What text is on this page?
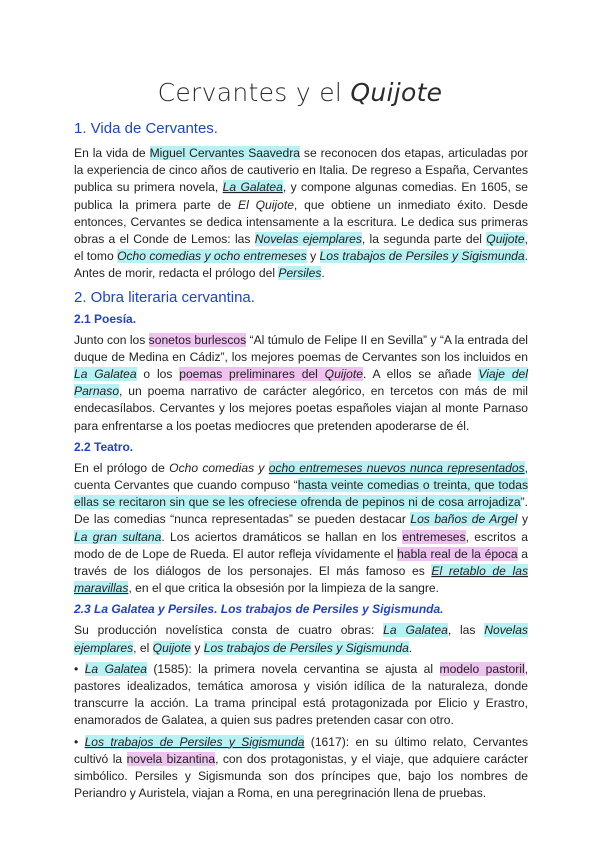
Cervantes y el Quijote
1. Vida de Cervantes.

En la vida de Miguel Cervantes Saavedra se reconocen dos etapas, articuladas por la experiencia de cinco años de cautiverio en Italia. De regreso a España, Cervantes publica su primera novela, La Galatea, y compone algunas comedias. En 1605, se publica la primera parte de El Quijote, que obtiene un inmediato éxito. Desde entonces, Cervantes se dedica intensamente a la escritura. Le dedica sus primeras obras a el Conde de Lemos: las Novelas ejemplares, la segunda parte del Quijote, el tomo Ocho comedias y ocho entremeses y Los trabajos de Persiles y Sigismunda. Antes de morir, redacta el prólogo del Persiles.

2. Obra literaria cervantina.
2.1 Poesía.

Junto con los sonetos burlescos “Al túmulo de Felipe II en Sevilla” y “A la entrada del duque de Medina en Cádiz”, los mejores poemas de Cervantes son los incluidos en La Galatea o los poemas preliminares del Quijote. A ellos se añade Viaje del Parnaso, un poema narrativo de carácter alegórico, en tercetos con más de mil endecasílabos. Cervantes y los mejores poetas españoles viajan al monte Parnaso para enfrentarse a los poetas mediocres que pretenden apoderarse de él.

2.2 Teatro.

En el prólogo de Ocho comedias y ocho entremeses nuevos nunca representados, cuenta Cervantes que cuando compuso “hasta veinte comedias o treinta, que todas ellas se recitaron sin que se les ofreciese ofrenda de pepinos ni de cosa arrojadiza”. De las comedias “nunca representadas” se pueden destacar Los baños de Argel y La gran sultana. Los aciertos dramáticos se hallan en los entremeses, escritos a modo de de Lope de Rueda. El autor refleja vívidamente el habla real de la época a través de los diálogos de los personajes. El más famoso es El retablo de las maravillas, en el que critica la obsesión por la limpieza de la sangre.

2.3 La Galatea y Persiles. Los trabajos de Persiles y Sigismunda.

Su producción novelística consta de cuatro obras: La Galatea, las Novelas ejemplares, el Quijote y Los trabajos de Persiles y Sigismunda.

• La Galatea (1585): la primera novela cervantina se ajusta al modelo pastoril, pastores idealizados, temática amorosa y visión idílica de la naturaleza, donde transcurre la acción. La trama principal está protagonizada por Elicio y Erastro, enamorados de Galatea, a quien sus padres pretenden casar con otro.

• Los trabajos de Persiles y Sigismunda (1617): en su último relato, Cervantes cultivó la novela bizantina, con dos protagonistas, y el viaje, que adquiere carácter simbólico. Persiles y Sigismunda son dos príncipes que, bajo los nombres de Periandro y Auristela, viajan a Roma, en una peregrinación llena de pruebas.
